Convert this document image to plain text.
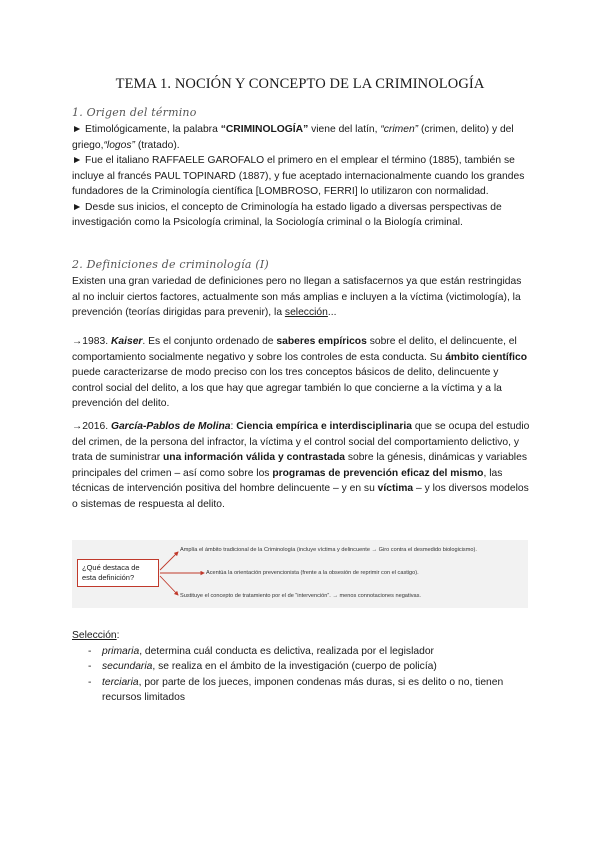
TEMA 1. NOCIÓN Y CONCEPTO DE LA CRIMINOLOGÍA
1. Origen del término

► Etimológicamente, la palabra “CRIMINOLOGÍA” viene del latín, “crimen” (crimen, delito) y del griego,“logos” (tratado).

► Fue el italiano RAFFAELE GAROFALO el primero en el emplear el término (1885), también se incluye al francés PAUL TOPINARD (1887), y fue aceptado internacionalmente cuando los grandes fundadores de la Criminología científica [LOMBROSO, FERRI] lo utilizaron con normalidad.

► Desde sus inicios, el concepto de Criminología ha estado ligado a diversas perspectivas de investigación como la Psicología criminal, la Sociología criminal o la Biología criminal.

2. Definiciones de criminología (I)

Existen una gran variedad de definiciones pero no llegan a satisfacernos ya que están restringidas al no incluir ciertos factores, actualmente son más amplias e incluyen a la víctima (victimología), la prevención (teorías dirigidas para prevenir), la selección...

→1983. Kaiser. Es el conjunto ordenado de saberes empíricos sobre el delito, el delincuente, el comportamiento socialmente negativo y sobre los controles de esta conducta. Su ámbito científico puede caracterizarse de modo preciso con los tres conceptos básicos de delito, delincuente y control social del delito, a los que hay que agregar también lo que concierne a la víctima y a la prevención del delito.

→2016. García-Pablos de Molina: Ciencia empírica e interdisciplinaria que se ocupa del estudio del crimen, de la persona del infractor, la víctima y el control social del comportamiento delictivo, y trata de suministrar una información válida y contrastada sobre la génesis, dinámicas y variables principales del crimen – así como sobre los programas de prevención eficaz del mismo, las técnicas de intervención positiva del hombre delincuente – y en su víctima – y los diversos modelos o sistemas de respuesta al delito.

¿Qué destaca de esta definición?
Amplía el ámbito tradicional de la Criminología (incluye víctima y delincuente → Giro contra el desmedido biologicismo).
Acentúa la orientación prevencionista (frente a la obsesión de reprimir con el castigo).
Sustituye el concepto de tratamiento por el de “intervención”. → menos connotaciones negativas.

Selección:

- primaria, determina cuál conducta es delictiva, realizada por el legislador
- secundaria, se realiza en el ámbito de la investigación (cuerpo de policía)
- terciaria, por parte de los jueces, imponen condenas más duras, si es delito o no, tienen recursos limitados
